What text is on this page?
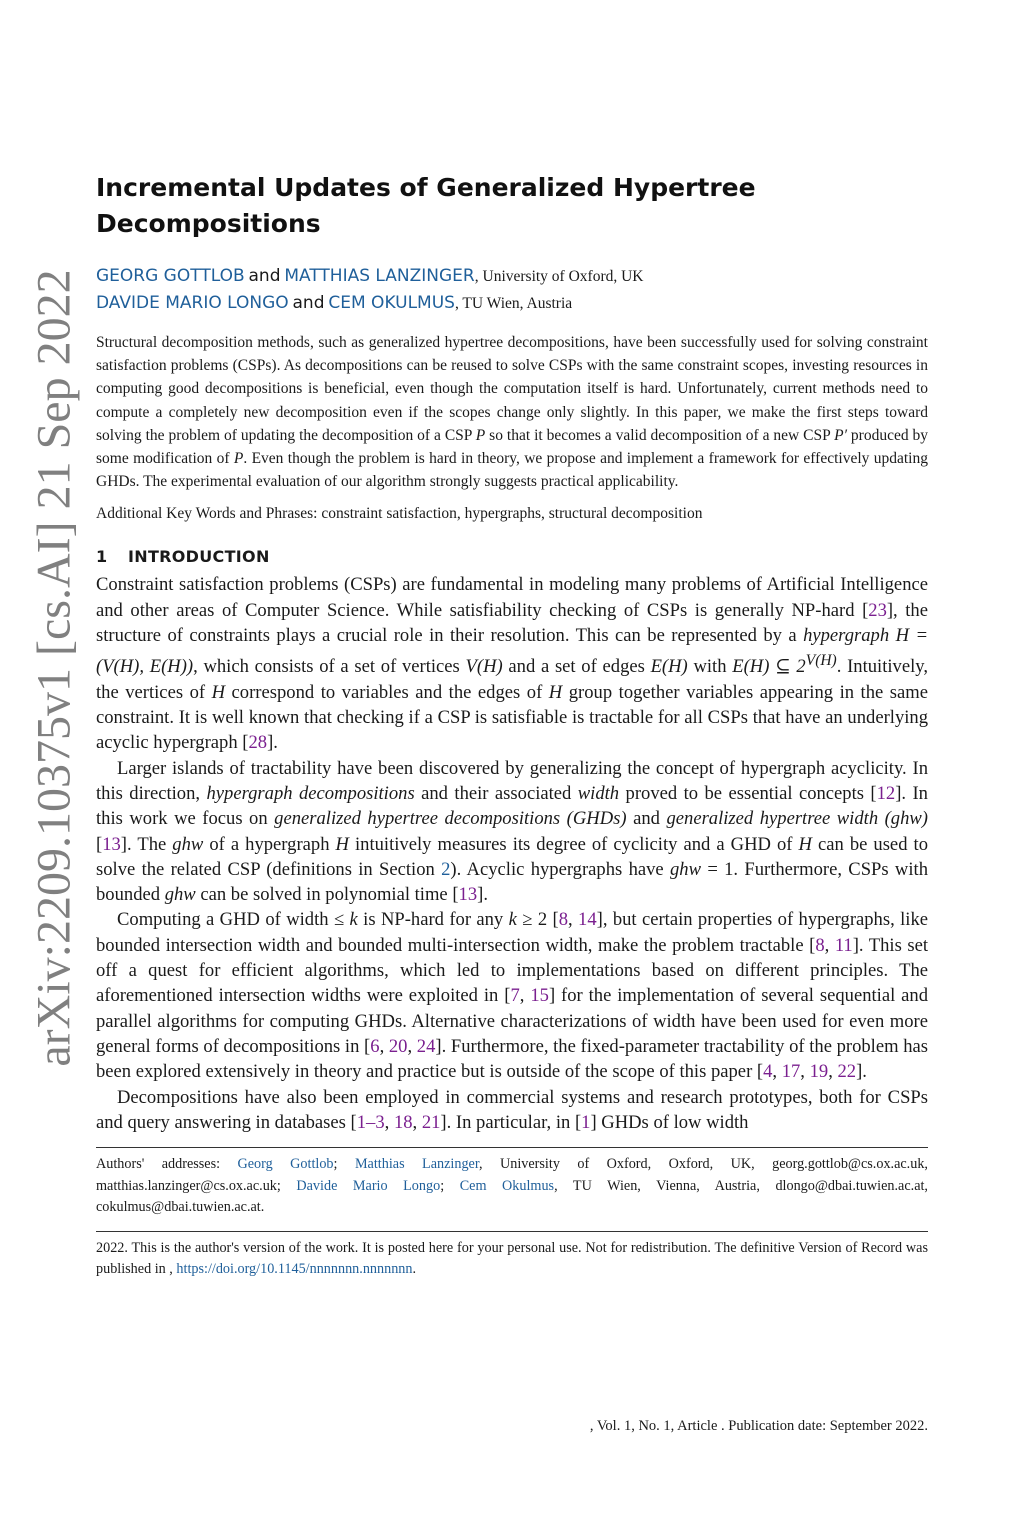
arXiv:2209.10375v1 [cs.AI] 21 Sep 2022
Incremental Updates of Generalized Hypertree Decompositions
GEORG GOTTLOB and MATTHIAS LANZINGER, University of Oxford, UK
DAVIDE MARIO LONGO and CEM OKULMUS, TU Wien, Austria
Structural decomposition methods, such as generalized hypertree decompositions, have been successfully used for solving constraint satisfaction problems (CSPs). As decompositions can be reused to solve CSPs with the same constraint scopes, investing resources in computing good decompositions is beneficial, even though the computation itself is hard. Unfortunately, current methods need to compute a completely new decomposition even if the scopes change only slightly. In this paper, we make the first steps toward solving the problem of updating the decomposition of a CSP P so that it becomes a valid decomposition of a new CSP P′ produced by some modification of P. Even though the problem is hard in theory, we propose and implement a framework for effectively updating GHDs. The experimental evaluation of our algorithm strongly suggests practical applicability.
Additional Key Words and Phrases: constraint satisfaction, hypergraphs, structural decomposition
1 INTRODUCTION

Constraint satisfaction problems (CSPs) are fundamental in modeling many problems of Artificial Intelligence and other areas of Computer Science. While satisfiability checking of CSPs is generally NP-hard [23], the structure of constraints plays a crucial role in their resolution. This can be represented by a hypergraph H = (V(H), E(H)), which consists of a set of vertices V(H) and a set of edges E(H) with E(H) ⊆ $2^{V(H)}$. Intuitively, the vertices of H correspond to variables and the edges of H group together variables appearing in the same constraint. It is well known that checking if a CSP is satisfiable is tractable for all CSPs that have an underlying acyclic hypergraph [28].

Larger islands of tractability have been discovered by generalizing the concept of hypergraph acyclicity. In this direction, hypergraph decompositions and their associated width proved to be essential concepts [12]. In this work we focus on generalized hypertree decompositions (GHDs) and generalized hypertree width (ghw) [13]. The ghw of a hypergraph H intuitively measures its degree of cyclicity and a GHD of H can be used to solve the related CSP (definitions in Section 2). Acyclic hypergraphs have ghw = 1. Furthermore, CSPs with bounded ghw can be solved in polynomial time [13].

Computing a GHD of width ≤ k is NP-hard for any k ≥ 2 [8, 14], but certain properties of hypergraphs, like bounded intersection width and bounded multi-intersection width, make the problem tractable [8, 11]. This set off a quest for efficient algorithms, which led to implementations based on different principles. The aforementioned intersection widths were exploited in [7, 15] for the implementation of several sequential and parallel algorithms for computing GHDs. Alternative characterizations of width have been used for even more general forms of decompositions in [6, 20, 24]. Furthermore, the fixed-parameter tractability of the problem has been explored extensively in theory and practice but is outside of the scope of this paper [4, 17, 19, 22].

Decompositions have also been employed in commercial systems and research prototypes, both for CSPs and query answering in databases [1–3, 18, 21]. In particular, in [1] GHDs of low width

Authors' addresses: Georg Gottlob; Matthias Lanzinger, University of Oxford, Oxford, UK, georg.gottlob@cs.ox.ac.uk, matthias.lanzinger@cs.ox.ac.uk; Davide Mario Longo; Cem Okulmus, TU Wien, Vienna, Austria, dlongo@dbai.tuwien.ac.at, cokulmus@dbai.tuwien.ac.at.
2022. This is the author's version of the work. It is posted here for your personal use. Not for redistribution. The definitive Version of Record was published in , https://doi.org/10.1145/nnnnnnn.nnnnnnn.
, Vol. 1, No. 1, Article . Publication date: September 2022.
